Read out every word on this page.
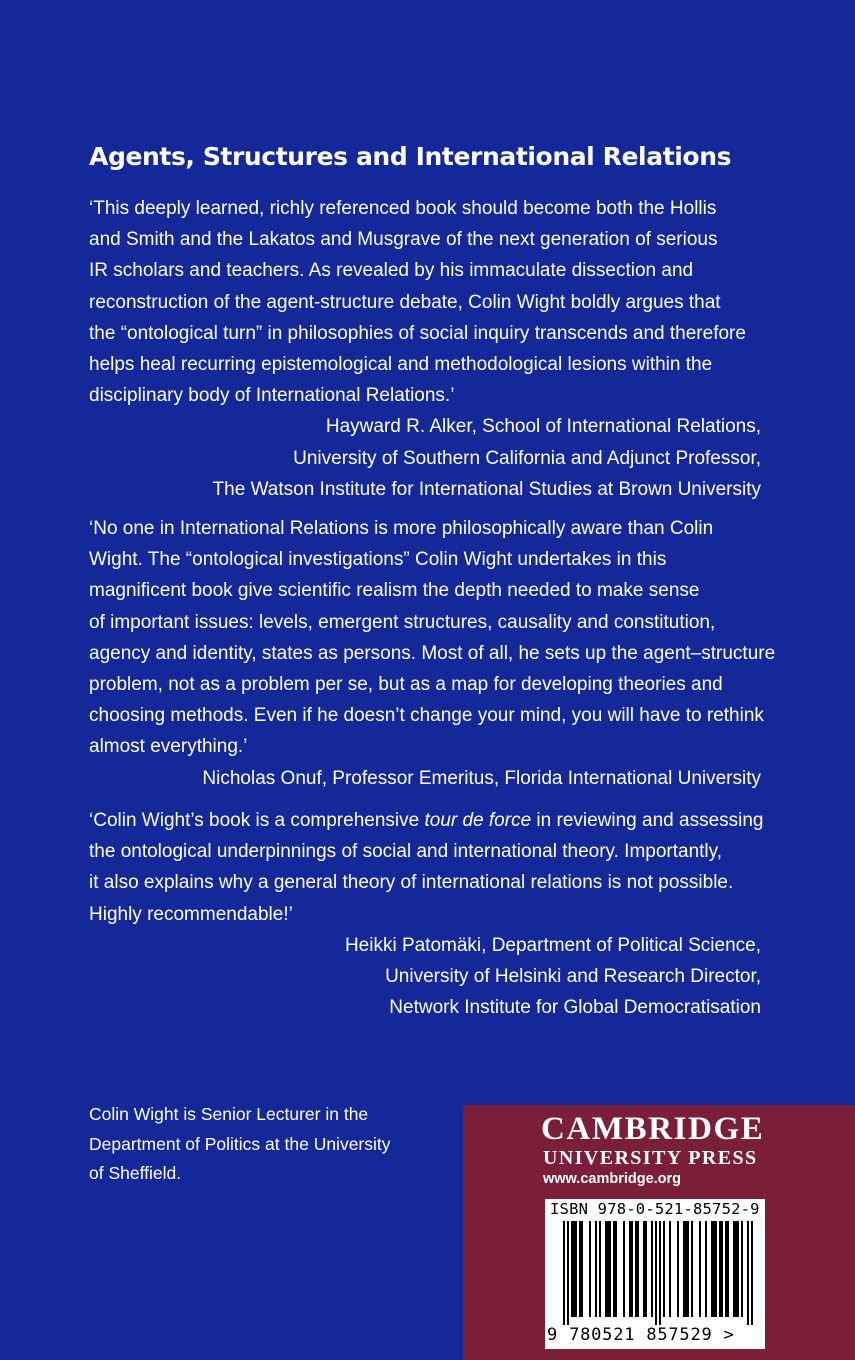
Agents, Structures and International Relations
‘This deeply learned, richly referenced book should become both the Hollis
and Smith and the Lakatos and Musgrave of the next generation of serious
IR scholars and teachers. As revealed by his immaculate dissection and
reconstruction of the agent-structure debate, Colin Wight boldly argues that
the “ontological turn” in philosophies of social inquiry transcends and therefore
helps heal recurring epistemological and methodological lesions within the
disciplinary body of International Relations.’
Hayward R. Alker, School of International Relations,
University of Southern California and Adjunct Professor,
The Watson Institute for International Studies at Brown University
‘No one in International Relations is more philosophically aware than Colin
Wight. The “ontological investigations” Colin Wight undertakes in this
magnificent book give scientific realism the depth needed to make sense
of important issues: levels, emergent structures, causality and constitution,
agency and identity, states as persons. Most of all, he sets up the agent–structure
problem, not as a problem per se, but as a map for developing theories and
choosing methods. Even if he doesn’t change your mind, you will have to rethink
almost everything.’
Nicholas Onuf, Professor Emeritus, Florida International University
‘Colin Wight’s book is a comprehensive tour de force in reviewing and assessing
the ontological underpinnings of social and international theory. Importantly,
it also explains why a general theory of international relations is not possible.
Highly recommendable!’
Heikki Patomäki, Department of Political Science,
University of Helsinki and Research Director,
Network Institute for Global Democratisation
Colin Wight is Senior Lecturer in the
Department of Politics at the University
of Sheffield.
CAMBRIDGE
UNIVERSITY PRESS
www.cambridge.org
ISBN 978-0-521-85752-9
9 780521 857529 >
